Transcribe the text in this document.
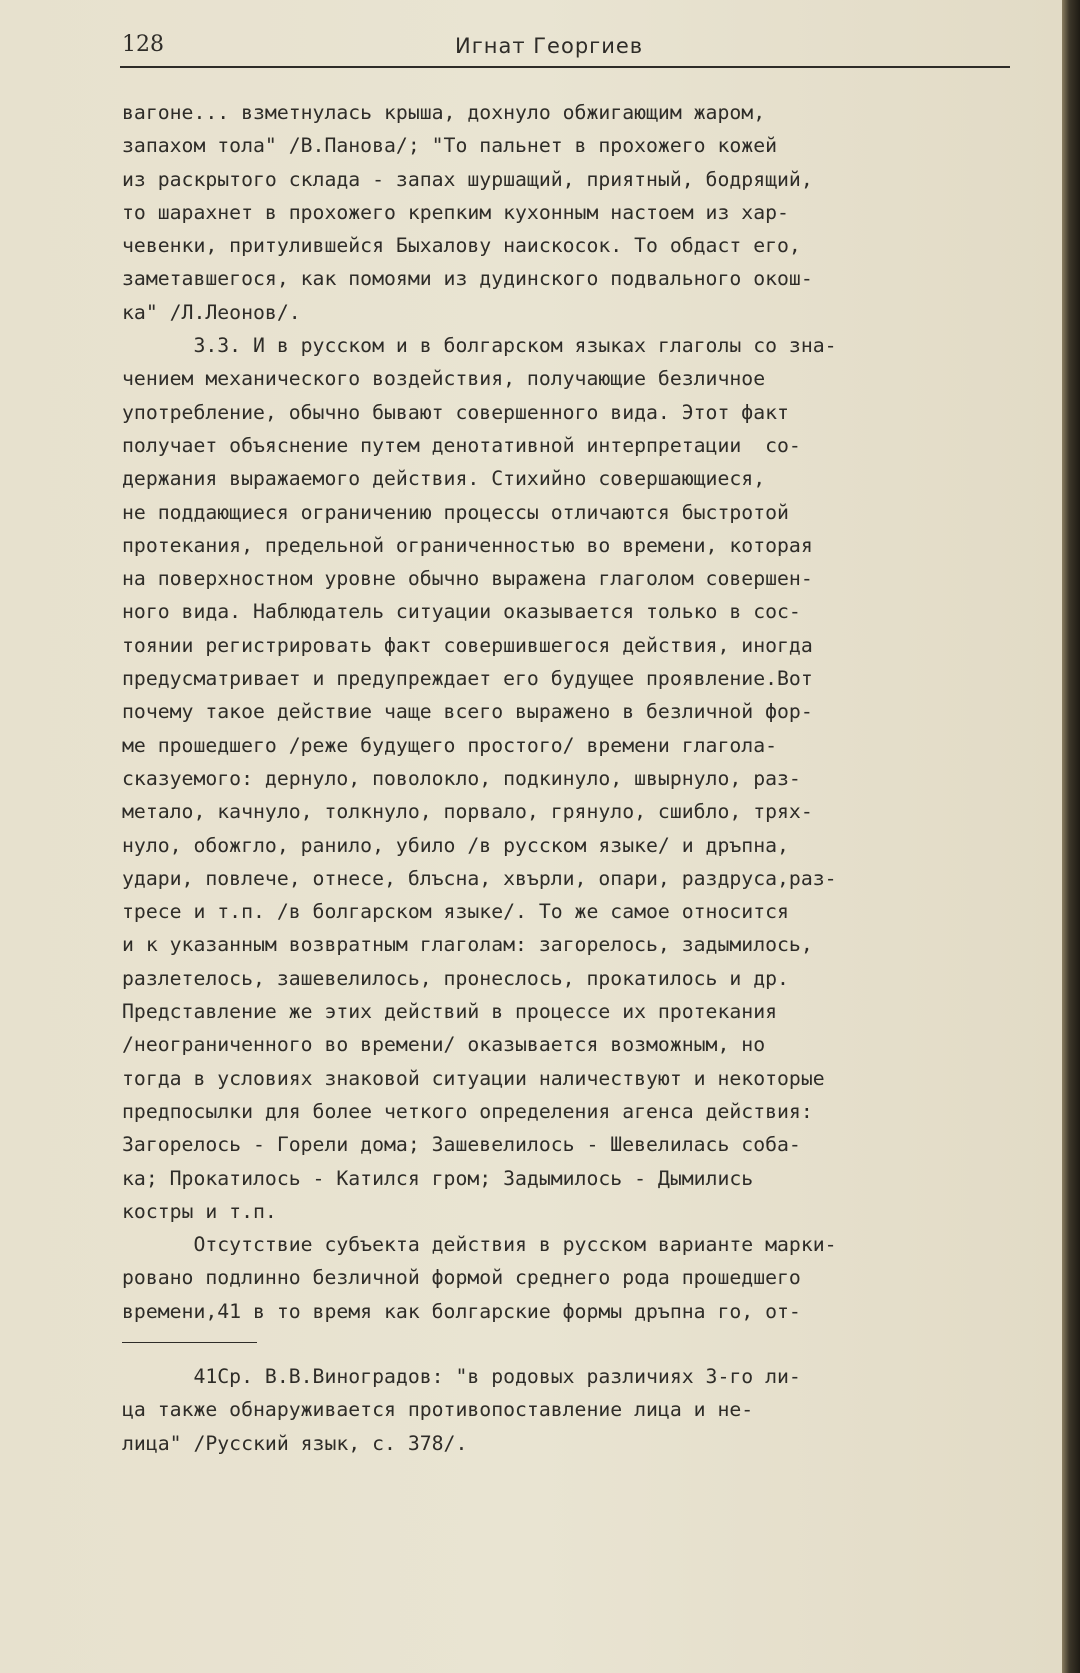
128	Игнат Георгиев
вагоне... взметнулась крыша, дохнуло обжигающим жаром,
запахом тола" /В.Панова/; "То пальнет в прохожего кожей
из раскрытого склада - запах шуршащий, приятный, бодрящий,
то шарахнет в прохожего крепким кухонным настоем из хар-
чевенки, притулившейся Быхалову наискосок. То обдаст его,
заметавшегося, как помоями из дудинского подвального окош-
ка" /Л.Леонов/.
3.3. И в русском и в болгарском языках глаголы со зна-
чением механического воздействия, получающие безличное
употребление, обычно бывают совершенного вида. Этот факт
получает объяснение путем денотативной интерпретации  со-
держания выражаемого действия. Стихийно совершающиеся,
не поддающиеся ограничению процессы отличаются быстротой
протекания, предельной ограниченностью во времени, которая
на поверхностном уровне обычно выражена глаголом совершен-
ного вида. Наблюдатель ситуации оказывается только в сос-
тоянии регистрировать факт совершившегося действия, иногда
предусматривает и предупреждает его будущее проявление.Вот
почему такое действие чаще всего выражено в безличной фор-
ме прошедшего /реже будущего простого/ времени глагола-
сказуемого: дернуло, поволокло, подкинуло, швырнуло, раз-
метало, качнуло, толкнуло, порвало, грянуло, сшибло, трях-
нуло, обожгло, ранило, убило /в русском языке/ и дръпна,
удари, повлече, отнесе, блъсна, хвърли, опари, раздруса,раз-
тресе и т.п. /в болгарском языке/. То же самое относится
и к указанным возвратным глаголам: загорелось, задымилось,
разлетелось, зашевелилось, пронеслось, прокатилось и др.
Представление же этих действий в процессе их протекания
/неограниченного во времени/ оказывается возможным, но
тогда в условиях знаковой ситуации наличествуют и некоторые
предпосылки для более четкого определения агенса действия:
Загорелось - Горели дома; Зашевелилось - Шевелилась соба-
ка; Прокатилось - Катился гром; Задымилось - Дымились
костры и т.п.
Отсутствие субъекта действия в русском варианте марки-
ровано подлинно безличной формой среднего рода прошедшего
времени,41 в то время как болгарские формы дръпна го, от-
41Ср. В.В.Виноградов: "в родовых различиях 3-го ли-
ца также обнаруживается противопоставление лица и не-
лица" /Русский язык, с. 378/.
